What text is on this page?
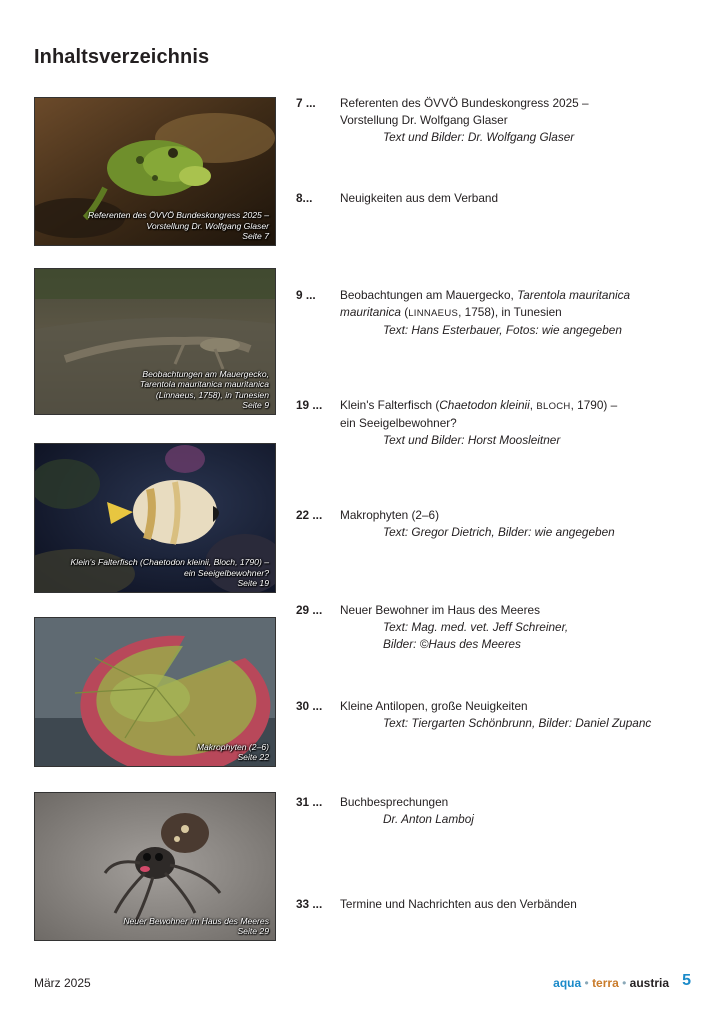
Inhaltsverzeichnis
Referenten des ÖVVÖ Bundeskongress 2025 –
Vorstellung Dr. Wolfgang Glaser
Seite 7
Beobachtungen am Mauergecko,
Tarentola mauritanica mauritanica
(Linnaeus, 1758), in Tunesien
Seite 9
Klein's Falterfisch (Chaetodon kleinii, Bloch, 1790) –
ein Seeigelbewohner?
Seite 19
Makrophyten (2–6)
Seite 22
Neuer Bewohner im Haus des Meeres
Seite 29
7 ... Referenten des ÖVVÖ Bundeskongress 2025 –
Vorstellung Dr. Wolfgang Glaser
Text und Bilder: Dr. Wolfgang Glaser
8... Neuigkeiten aus dem Verband
9 ... Beobachtungen am Mauergecko, Tarentola mauritanica
mauritanica (LINNAEUS, 1758), in Tunesien
Text: Hans Esterbauer, Fotos: wie angegeben
19 ... Klein's Falterfisch (Chaetodon kleinii, BLOCH, 1790) –
ein Seeigelbewohner?
Text und Bilder: Horst Moosleitner
22 ... Makrophyten (2–6)
Text: Gregor Dietrich, Bilder: wie angegeben
29 ... Neuer Bewohner im Haus des Meeres
Text: Mag. med. vet. Jeff Schreiner,
Bilder: ©Haus des Meeres
30 ... Kleine Antilopen, große Neuigkeiten
Text: Tiergarten Schönbrunn, Bilder: Daniel Zupanc
31 ... Buchbesprechungen
Dr. Anton Lamboj
33 ... Termine und Nachrichten aus den Verbänden
März 2025	aqua • terra • austria 5
